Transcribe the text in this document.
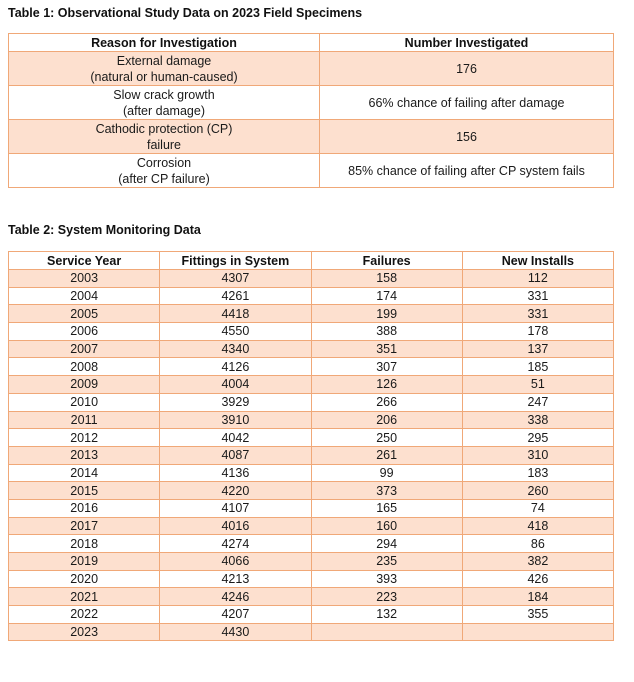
Table 1: Observational Study Data on 2023 Field Specimens
Reason for Investigation	Number Investigated

External damage
(natural or human-caused)	176

Slow crack growth
(after damage)	66% chance of failing after damage

Cathodic protection (CP)
failure	156

Corrosion
(after CP failure)	85% chance of failing after CP system fails
Table 2: System Monitoring Data
Service Year	Fittings in System	Failures	New Installs
2003	4307	158	112
2004	4261	174	331
2005	4418	199	331
2006	4550	388	178
2007	4340	351	137
2008	4126	307	185
2009	4004	126	51
2010	3929	266	247
2011	3910	206	338
2012	4042	250	295
2013	4087	261	310
2014	4136	99	183
2015	4220	373	260
2016	4107	165	74
2017	4016	160	418
2018	4274	294	86
2019	4066	235	382
2020	4213	393	426
2021	4246	223	184
2022	4207	132	355
2023	4430		
